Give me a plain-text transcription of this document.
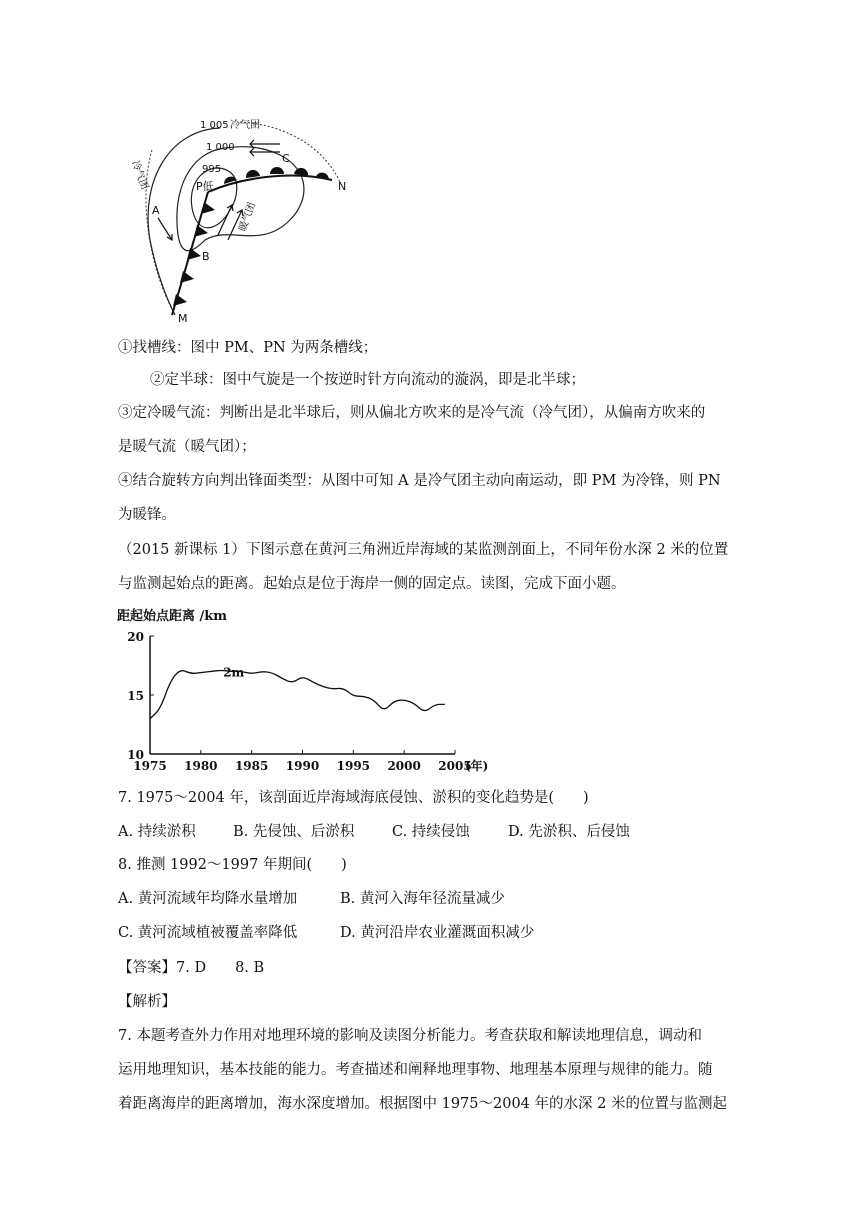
1 005 冷气团
1 000
995
P低
C
N
A
B
M
冷气团
暖气团
①找槽线：图中 PM、PN 为两条槽线；
②定半球：图中气旋是一个按逆时针方向流动的漩涡，即是北半球；
③定冷暖气流：判断出是北半球后，则从偏北方吹来的是冷气流（冷气团），从偏南方吹来的
是暖气流（暖气团）；
④结合旋转方向判出锋面类型：从图中可知 A 是冷气团主动向南运动，即 PM 为冷锋，则 PN
为暖锋。
（2015 新课标 1）下图示意在黄河三角洲近岸海域的某监测剖面上，不同年份水深 2 米的位置
与监测起始点的距离。起始点是位于海岸一侧的固定点。读图，完成下面小题。
距起始点距离 /km
1975 1980 1985 1990 1995 2000 2005
20
15
10
2m
(年)
7. 1975～2004 年，该剖面近岸海域海底侵蚀、淤积的变化趋势是(　　)
A. 持续淤积	B. 先侵蚀、后淤积	C. 持续侵蚀	D. 先淤积、后侵蚀
8. 推测 1992～1997 年期间(　　)
A. 黄河流域年均降水量增加	B. 黄河入海年径流量减少
C. 黄河流域植被覆盖率降低	D. 黄河沿岸农业灌溉面积减少
【答案】7. D　　8. B
【解析】
7. 本题考查外力作用对地理环境的影响及读图分析能力。考查获取和解读地理信息，调动和
运用地理知识，基本技能的能力。考查描述和阐释地理事物、地理基本原理与规律的能力。随
着距离海岸的距离增加，海水深度增加。根据图中 1975～2004 年的水深 2 米的位置与监测起
